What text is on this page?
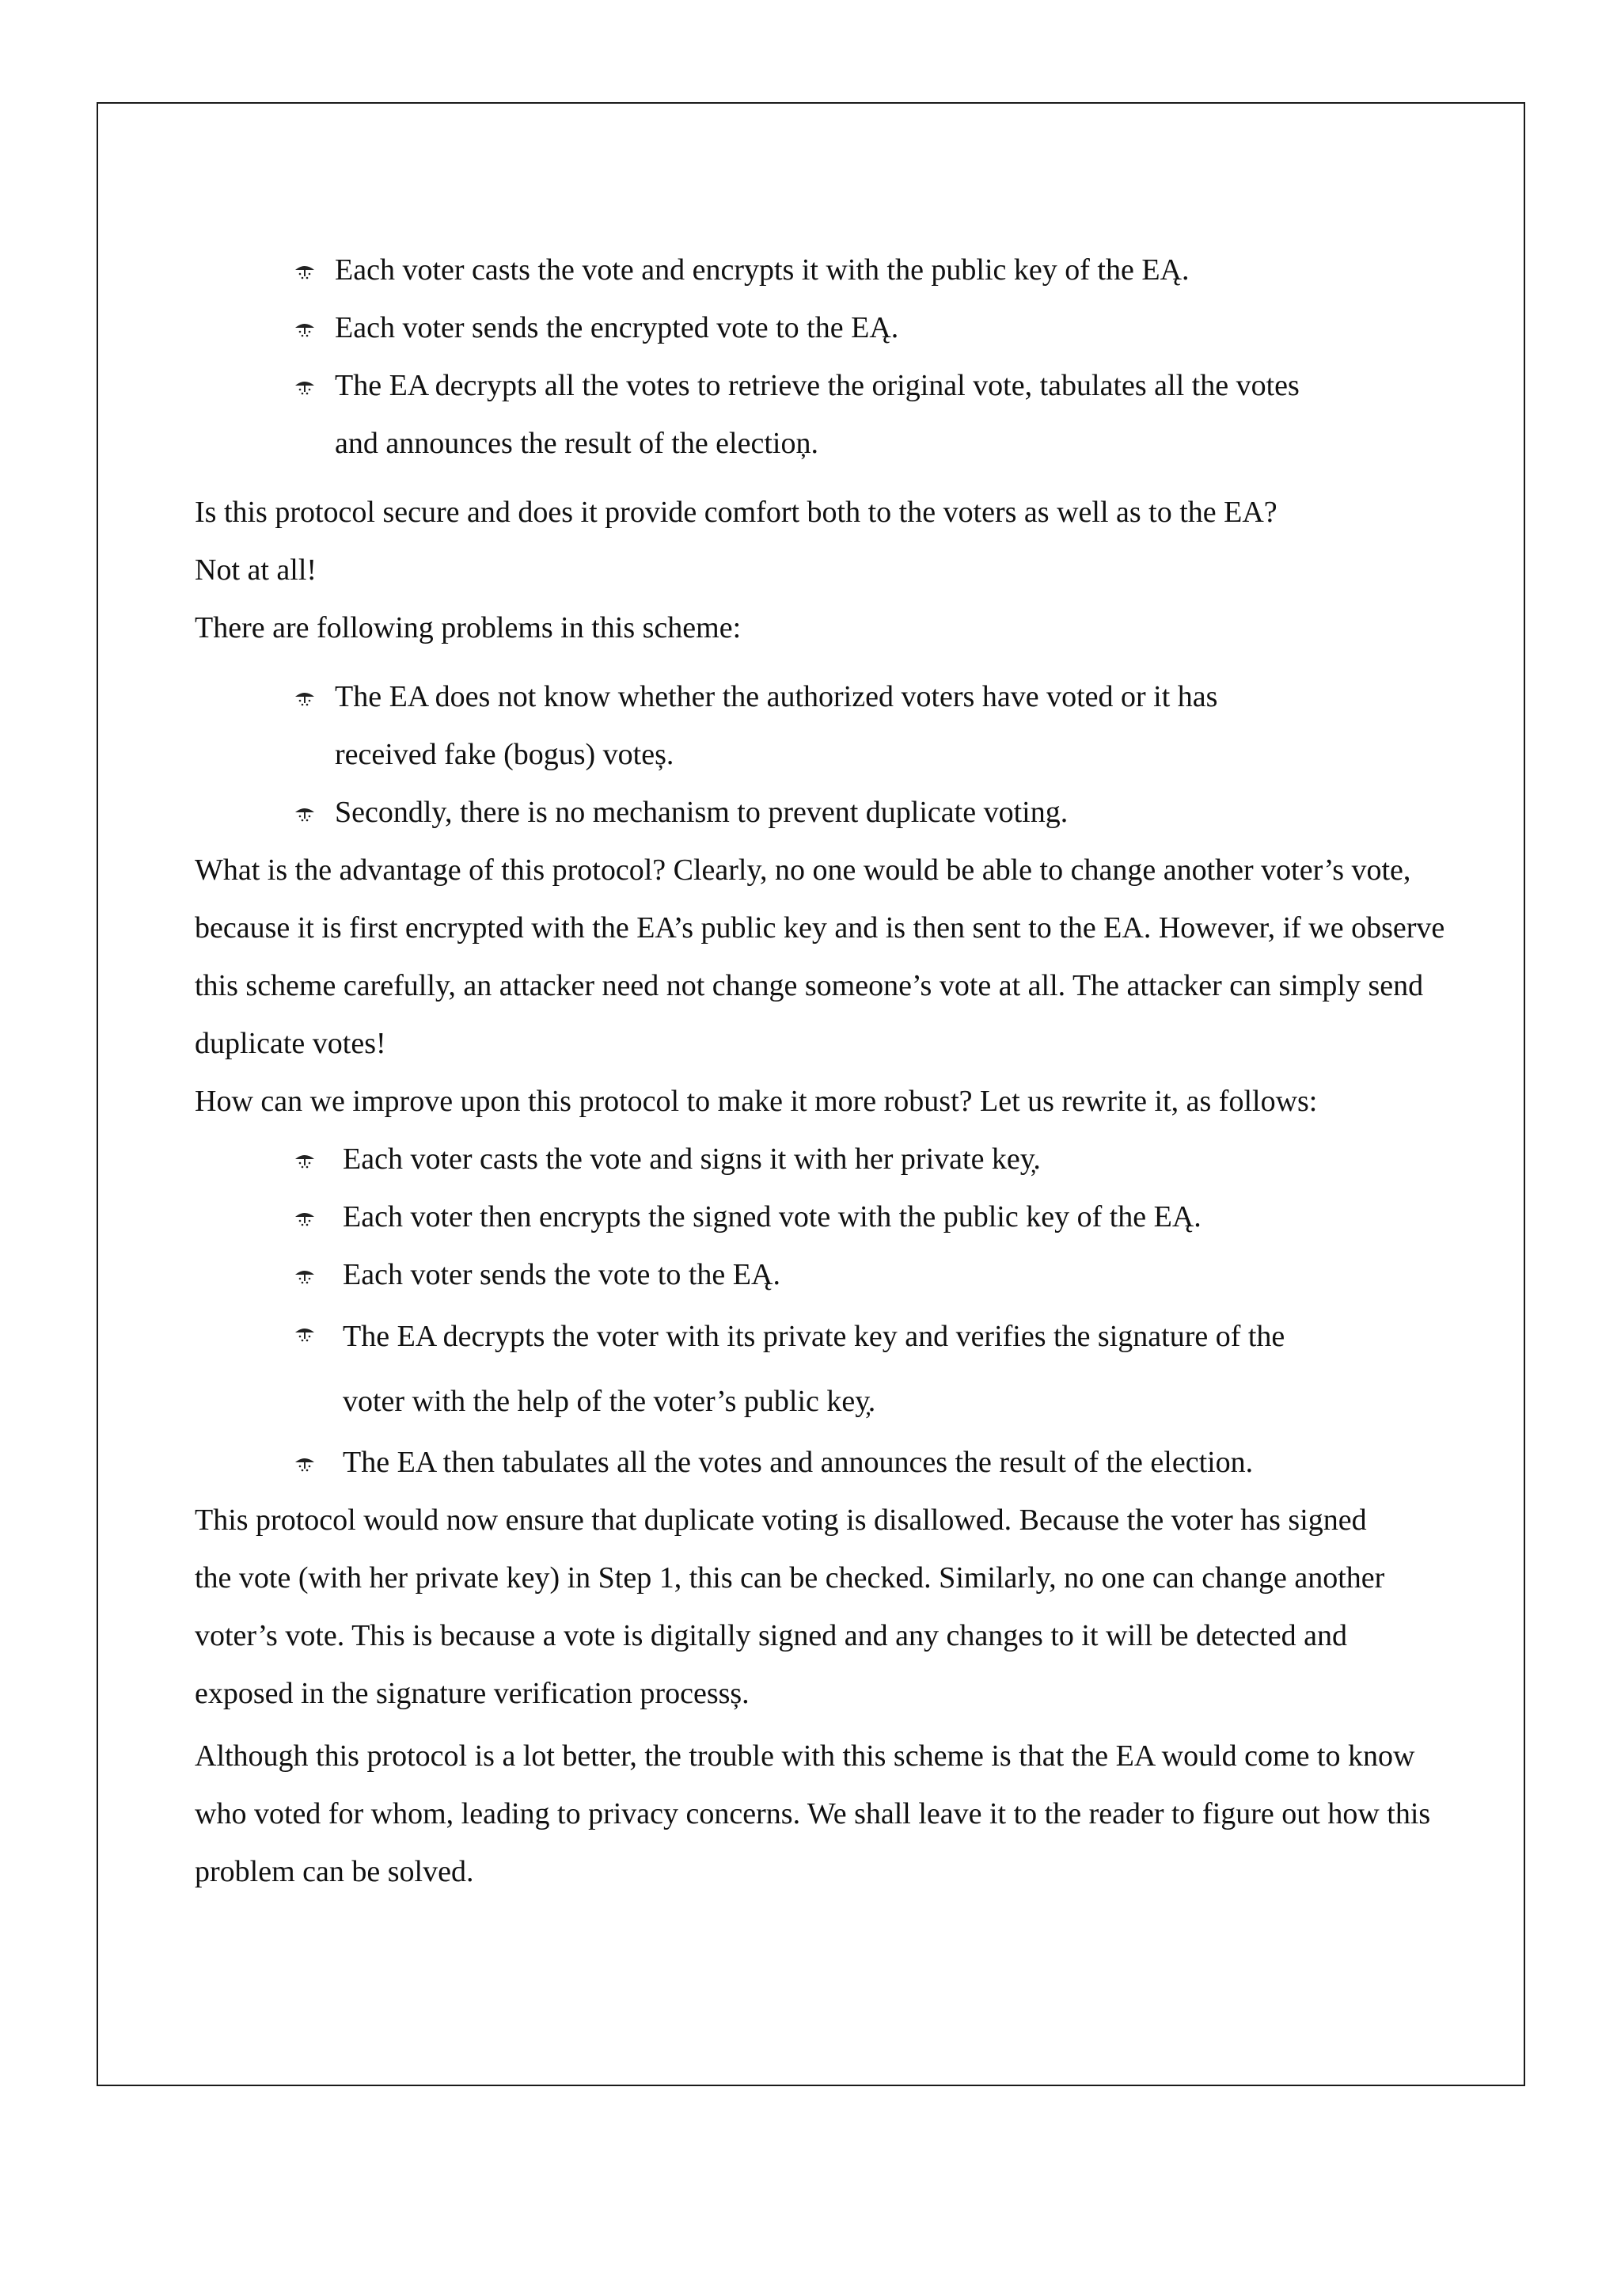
Each voter casts the vote and encrypts it with the public key of the EĄ.
Each voter sends the encrypted vote to the EĄ.
The EA decrypts all the votes to retrieve the original vote, tabulates all the votes and announces the result of the electioņ.

Is this protocol secure and does it provide comfort both to the voters as well as to the EA?

Not at all!

There are following problems in this scheme:

The EA does not know whether the authorized voters have voted or it has received fake (bogus) voteș.
Secondly, there is no mechanism to prevent duplicate voting.

What is the advantage of this protocol? Clearly, no one would be able to change another voter’s vote, because it is first encrypted with the EA’s public key and is then sent to the EA. However, if we observe this scheme carefully, an attacker need not change someone’s vote at all. The attacker can simply send duplicate votes!

How can we improve upon this protocol to make it more robust? Let us rewrite it, as follows:

Each voter casts the vote and signs it with her private key̦.
Each voter then encrypts the signed vote with the public key of the EĄ.
Each voter sends the vote to the EĄ.
The EA decrypts the voter with its private key and verifies the signature of the voter with the help of the voter’s public key̦.
The EA then tabulates all the votes and announces the result of the election.

This protocol would now ensure that duplicate voting is disallowed. Because the voter has signed the vote (with her private key) in Step 1, this can be checked. Similarly, no one can change another voter’s vote. This is because a vote is digitally signed and any changes to it will be detected and exposed in the signature verification processș.

Although this protocol is a lot better, the trouble with this scheme is that the EA would come to know who voted for whom, leading to privacy concerns. We shall leave it to the reader to figure out how this problem can be solved.
